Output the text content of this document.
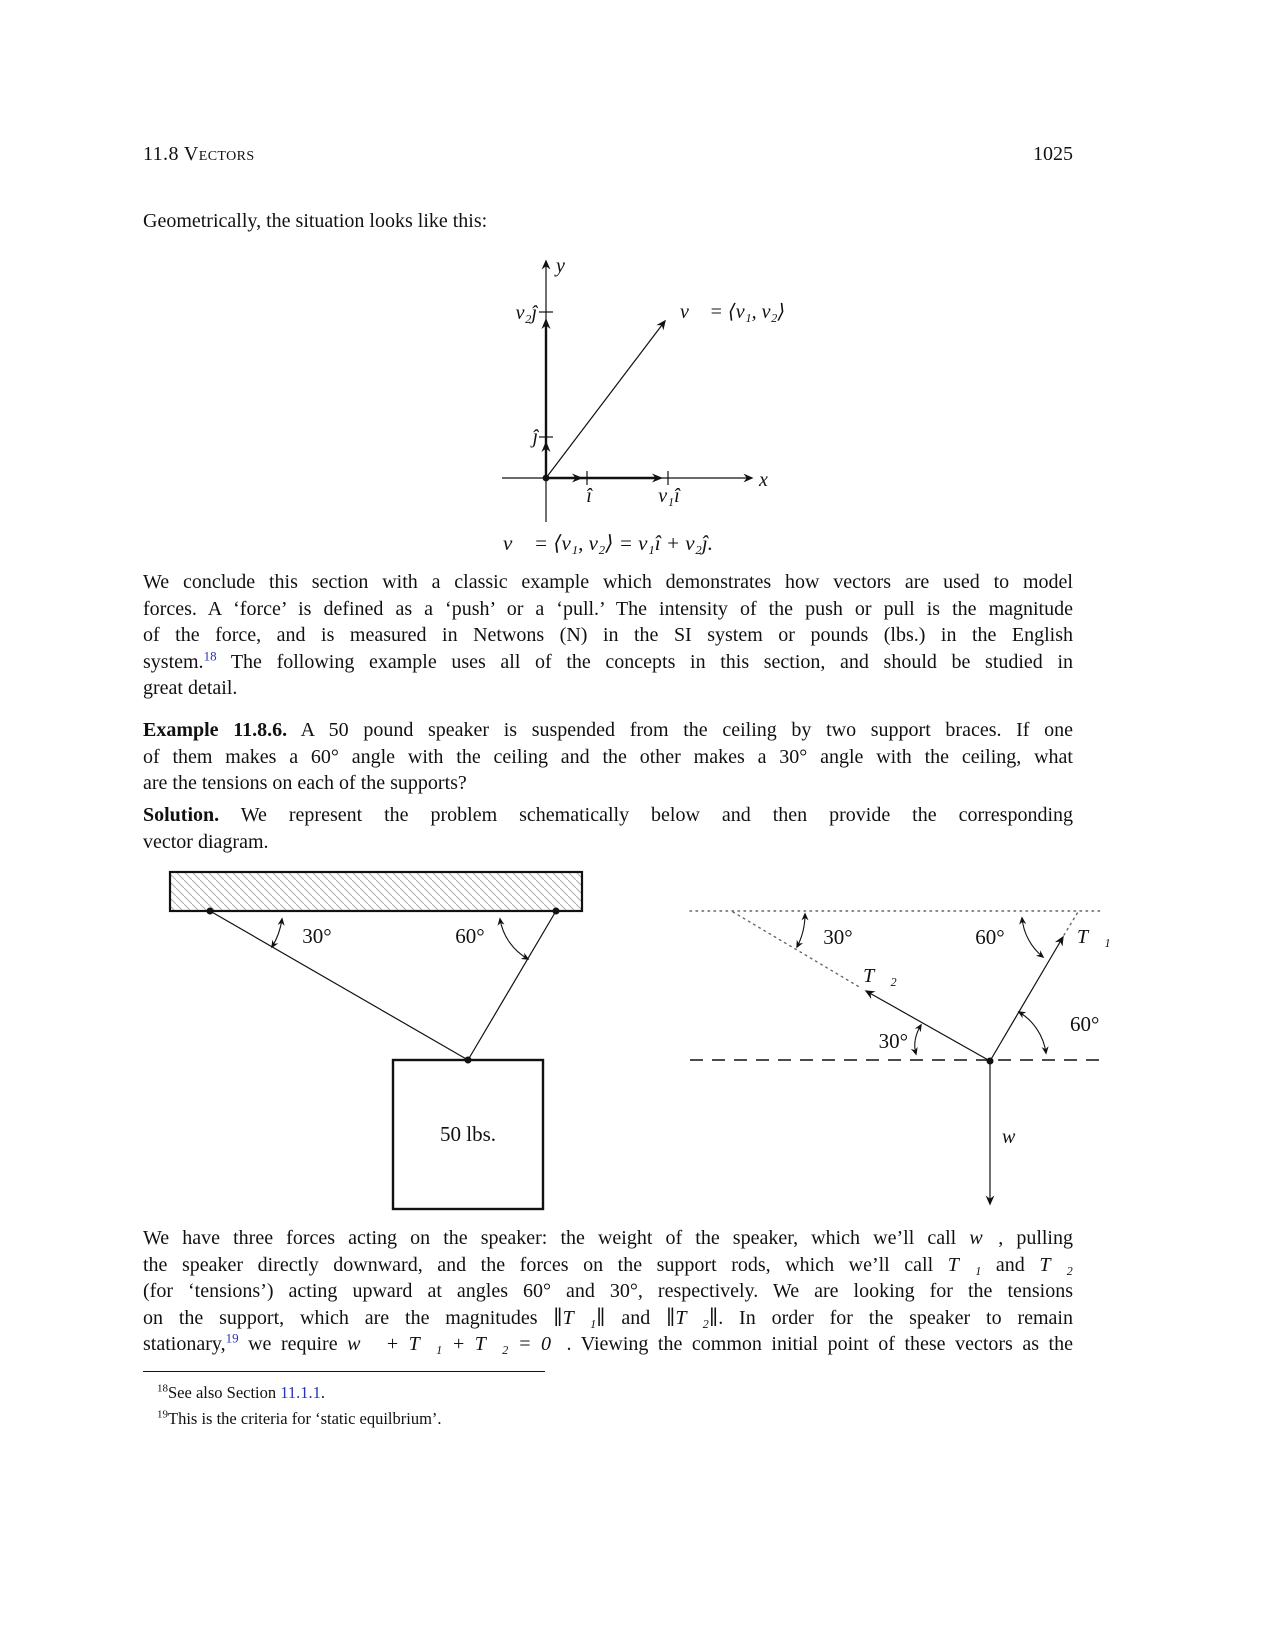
11.8 Vectors	1025
Geometrically, the situation looks like this:
y
x
v₂ĵ
ĵ
î	v₁î
v⃗ = ⟨v₁, v₂⟩
v⃗ = ⟨v₁, v₂⟩ = v₁î + v₂ĵ.
We conclude this section with a classic example which demonstrates how vectors are used to model
forces. A ‘force’ is defined as a ‘push’ or a ‘pull.’ The intensity of the push or pull is the magnitude
of the force, and is measured in Netwons (N) in the SI system or pounds (lbs.) in the English
system.$^{18}$ The following example uses all of the concepts in this section, and should be studied in
great detail.
Example 11.8.6. A 50 pound speaker is suspended from the ceiling by two support braces. If one
of them makes a 60° angle with the ceiling and the other makes a 30° angle with the ceiling, what
are the tensions on each of the supports?
Solution. We represent the problem schematically below and then provide the corresponding
vector diagram.
30°	60°
50 lbs.
30°	60°
60°
30°
T⃗₂
T⃗₁
w⃗
We have three forces acting on the speaker: the weight of the speaker, which we’ll call w⃗, pulling
the speaker directly downward, and the forces on the support rods, which we’ll call T⃗₁ and T⃗₂
(for ‘tensions’) acting upward at angles 60° and 30°, respectively. We are looking for the tensions
on the support, which are the magnitudes ∥T⃗₁∥ and ∥T⃗₂∥. In order for the speaker to remain
stationary,$^{19}$ we require w⃗ + T⃗₁ + T⃗₂ = 0⃗. Viewing the common initial point of these vectors as the
$^{18}$See also Section 11.1.1.
$^{19}$This is the criteria for ‘static equilbrium’.
